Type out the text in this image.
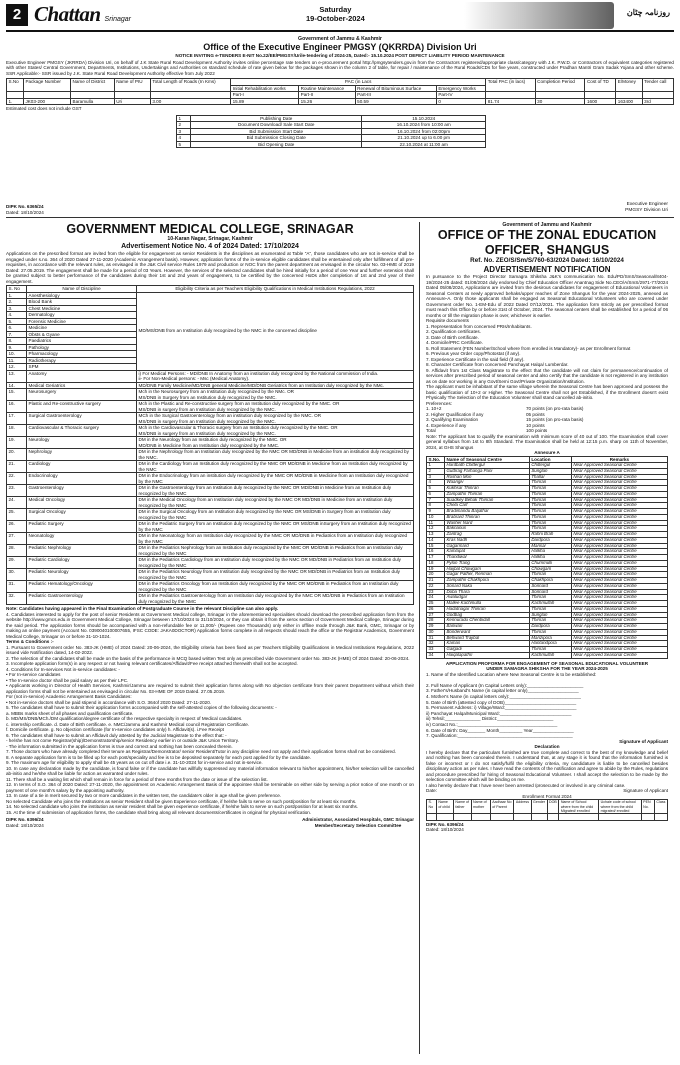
2 Chattan Srinagar
Saturday
19-October-2024
روزنامہ چٹان
Government of Jammu & Kashmir
Office of the Executive Engineer PMGSY (QKRRDA) Division Uri
NOTICE INVITING e-TENDERS E-NIT No.22/EE/PMGSY/Urile-tendering of 2024-25, Dated:- 15.10.2024 POST DEFECT LIABILITY PERIOD MAINTENANCE
Executive Engineer PMGSY (JKRRDA) Division Uri, on behalf of J.K State Rural Road Development Authority invites online percentage rate tenders on e-procurement portal http://pmgsytenders.gov.in from the Contractors registered/appropriate class/category with J.K. P.W.D. or Contractors of equivalent categories registered with other States/ Central Government, Departments, Institutions, Undertakings and Authorities on standard schedule of rate given below for the packages shown in the column 2 of table, for repair / maintenance of the Rural Roads/CDs for five years, constructed under Pradhan Mantri Gram Sadak Yojana and other scheme. SSR Applicable:- SSR issued by J.K. State Rural Road Development Authority effective from July 2022
S.No	Package Number	Name of District	Name of PIU	Total Length of Roads (In Kms)	PAC (in Lacs				Total PAC (in lacs)	Completion Period	Cost of TD	E/Money	Tender call
					Initial Rehabilitation works	Routine Maintenance	Renewal of Bituminous Surface	Emergency Works					
					Part-I	Part-II	Part-III	Part-IV					
1.	JK03-200	Baramulla	Uri	3.00	15.89	15.26	50.59	0	81.74	30	1600	163400	3rd
Estimated cost does not include GST
1	Publishing Date	15.10.2024
2	Document Download/ Sale Start Date	16.10.2024 from 10:00 am
3	Bid Submission Start Date	16.10.2024 from 02:00pm
4	Bid Submission Closing Date	21.10.2024 up to 6.00 pm
5	Bid Opening Date	22.10.2024 at 11:00 am
DIPK No. 6365/24
Dated: 18/10/2024
Executive Engineer
PMGSY Division Uri
GOVERNMENT MEDICAL COLLEGE, SRINAGAR
10-Karan Nagar, Srinagar, Kashmir
Advertisement Notice No. 4 of 2024 Dated: 17/10/2024
Applications on the prescribed format are invited from the eligible for engagement as senior Residents in the disciplines as enumerated at Table "A", those candidates who are not in-service shall be engaged under s.no. 364 of 2020 Dated 27-11-2020 (Academic Arrangement basis). However, application forms of the in-service eligible candidates shall be entertained only after fulfillment of all pre-requisites, in accordance with the relevant rules, as envisaged in the J&K Civil service Rules 1979 and production or NOC from the parent department as envisaged in the circular No. 03-HME of 2019 Dated: 27.05.2019. The engagement shall be made for a period of 03 Years. However, the services of the selected candidates shall be hired initially for a period of one Year and further extension shall be granted subject to better performance of the candidates during their 1st and 2nd years of engagement, to be certified by the concerned HoDs after completion of 1st and 2nd year of their engagement.
S. No	Name of Discipline	Eligibility Criteria as per Teachers Eligibility Qualifications in Medical Institutions Regulations, 2022
1.	Anesthesiology	MD/MS/DNB from an Institution duly recognized by the NMC in the concerned discipline
2.	Blood Bank	
3.	Chest Medicine	
4.	Dermatology	
5.	Forensic Medicine	
6.	Medicine	
7.	Obsts & Gyane	
8.	Paediatrics	
9.	Pathology	
10.	Pharmacology	
11.	Radiotherapy	
12.	SPM	
13.	Anatomy	i) For Medical Persons: - MD/DNB In Anatomy from an institution duly recognized by the National commission of India.
ii- For Non-Medical persons: - Msc (Medical Anatomy).
14.	Medical Geriatrics	MD/DNB Family Medicine/MD/DNB general Medicine/MD/DNB Geriatrics from an Institution duly recognized by the NMc.
15.	Neurosurgery	Mch in the Neurosurgery from an Institution duly recognized by the NMc. OR
MS/DNB in Surgery from an Institution duly recognized by the NMC.
16.	Plastic and Re-constructive surgery	Mch in the Plastic and Re-constructive surgery from an Institution duly recognized by the NMC. OR
MS/DNB in surgery from an Institution duly recognized by the NMC.
17.	Surgical Gastroenterology	MCh in the Surgical Gastroenterology from an institution duly recognized by the NMC. OR
MS/DNB in surgery from an Institution duly recognized by the NMC.
18.	Cardiovascular & Thoracic surgery	Mch in the Cardiovascular & Thoracic surgery from an Institution duly recognized by the NMC. OR
MS/DNB in surgery from an Institution duly recognized by the NMC.
19.	Neurology	DM in the Neurology from an Institution duly recognized by the NMC. OR
MD/DNB in Medicine from an Institution duly recognized by the NMC.
20.	Nephrology	DM in the Nephrology from an Institution duly recognized by the NMC OR MD/DNB in Medicine from an institution duly recognized by the NMC.
21.	Cardiology	DM in the Cardiology from an Institution duly recognized by the NMC OR MD/DNB in Medicine from an Institution duly recognized by the NMC
22.	Endocrinology	DM in the Endocrinology from an institution duly recognized by the NMC OR MD/DNB in Medicine from an Institution duly recognized by the NMC
23.	Gastroenterology	DM in the Gastroenterology from an Institution duly recognized by the NMC OR MD/DNB in Medicine from an Institution duly recognized by the NMC
24.	Medical Oncology	DM in the Medical Oncology from an Institution duly recognized by the NMC OR MD/DNB in Medicine from an Institution duly recognized by the NMC
25.	Surgical Oncology	DM in the Surgical Oncology from an Institution duly recognized by the NMC OR MS/DNB in Surgery from an Institution duly recognized by the NMC
26.	Pediatric Surgery	DM in the Pediatric Surgery from an Institution duly recognized by the NMC OR MS/DNB inSurgery from an Institution duly recognized by the NMC
27.	Neonatology	DM in the Neonatology from an Institution duly recognized by the NMC OR MD/DNB in Pediatrics from an Institution duly recognized by the NMC
28.	Pediatric Nephrology	DM in the Pediatrics Nephrology from an Institution duly recognized by the NMC OR MD/DNB in Pediatrics from an Institution duly recognized by the NMC
29.	Pediatric Cardiology	DM in the Pediatrics Cardiology from an Institution duly recognized by the NMC OR MD/DNB in Pediatrics from an Institution duly recognized by the NMC
30.	Pediatric Neurology	DM in the Pediatrics Neurology from an Institution duly recognized by the NMC OR MD/DNB in Pediatrics from an Institution duly recognized by the NMC
31.	Pediatric Hematology/Oncology	DM in the Pediatrics Oncology from an Institution duly recognized by the NMC OR MD/DNB in Pediatrics from an Institution duly recognized by the NMC
32.	Pediatric Gastroenterology	DM in the Pediatrics Gastroenterology from an Institution duly recognized by the NMC OR MD/DNB in Pediatrics from an Institution duly recognized by the NMC
Note: Candidates having appeared in the Final Examination of Postgraduate Course in the relevant Discipline can also apply.
4. Candidates interested to apply for the post of senior Residents at Government Medical college, Srinagar in the aforementioned specialities should download the prescribed application form from the website http://www.gmcs.edu.in Government Medical College, Srinagar between 17/10/2024 to 31/10/2024, or they can obtain it from the xerox section of Government Medical College, Srinagar during the said period. The application forms should be accompanied with a non-refundable fee or 11,000/- (Rupees one Thousands) only either in offline mode through J&K Bank, GMC, Srinagar or by making an online payment (Account No. 0390040100007655, IFSC CODE: JAKA0DOCTOR) Application forms complete in all respects should reach the office or the Registrar Academics, Government Medical College, Srinagar on or before 31-10-1024.
Terms & Conditions :-
1. Pursuant to Government order No. 383-JK (HME) of 2024 Dated: 20-06-2024, the Eligibility criteria has been fixed as per Teachers Eligibility Qualifications in Medical Institutions Regulations, 2022 issued vide Notification dated, 14-02-2022.
2. The selection of the candidates shall be made on the basis of the performance in MCQ based written Test only as prescribed vide Government order No. 383-JK (HME) Of 2024 Dated: 20-06-2024.
3. Incomplete application form(s) in any respect or not having relevant certificates/Affidavit/Fee receipt attached therewith shall not be accepted.
4. Conditions for In-services Not in-service candidates: -
• For In-service candidates
• The In-service doctor shall be paid salary as per their LPC.
• Applicants working in Director of Health Services, Kashmir/Jammu are required to submit their application forms along with No objection certificate from their parent Department without which their application forms shall not be entertained as envisaged in circular No. 03-HME OF 2019 Dated. 27.05.2019.
For (not in-service) Academic Arrangement Basis Candidates:
• Not in-service doctors shall be paid stipend in accordance with S.O. 364of 2020 Dated: 27-11-2020.
5. The candidates shall have to submit their application forms accompanied with the self-attested copies of the following documents: -
a. MBBs marks sheet of all phases and qualification certificate.
b. MD/MS/DNB/MCh./DM qualification/degree certificate of the respective specialty in respect of Medical candidates.
c. internship certificate. d. Date of Birth certificate. e. NMC/Jammu and Kashmir Medical council Registration Certificate.
f. Domicile certificate. g. No objection certificate (for In-service candidates only) h. Affidavit(s). i.Fee Receipt
6. The candidates shall have to submit an Affidavit duly attested by the Judicial Magistrate to the effect that: -
- he/she has not come Registrar(ship)/Demonstratorship/senior Residency earlier in or outside J&K Union Territory.
- The information submitted in the application forms is true and correct and nothing has been concealed therein.
7. Those doctors who have already completed their tenure as Registrar/Demonstrator/ senior Resident/Tutor in any discipline need not apply and their application forms shall not be considered.
8. A separate application form is to be filled up for each post/speciality and fee is to be deposited separately for each post applied for by the candidate.
9. The maximum age for eligibility to apply shall be 45 years as on cut off date i.e. 31-10-2024 for in-service and not in-service.
10. In case any declaration made by the candidate, is found false or if the candidate has willfully suppressed any material information relevant to his/her appointment, his/her selection will be cancelled ab-initio and he/she shall be liable for action as warranted under rules.
11. There shall be a waiting list which shall remain in force for a period of three months from the date or issue of the selection list.
12. In terms of S.O. 364 of 2020 Dated: 27-11-2020, the appointment on Academic Arrangement Basis of the appointee shall be terminable on either side by serving a prior notice of one month or on payment of one month's salary by the appointing authority.
13. In case of a tie in merit secured by two or more candidates in the written test, the candidate's older in age shall be given preference.
No selected Candidate who joins the Institutions as senior Resident shall be given Experience certificate, if he/she fails to serve on such post/position for at least six months.
14. No selected candidate who joins the institution as senior resident shall be given experience certificate, if he/she fails to serve on such post/position for at least six months.
15. At the time of submission of application forms, the candidate shall bring along all relevant documents/certificates in original for physical verification.
DIPK No. 6396/24
Dated: 18/10/2024
Administrator, Associated Hospitals, GMC Srinagar
Member/Secretary Selection Committee
Government of Jammu and Kashmir
OFFICE OF THE ZONAL EDUCATION OFFICER, SHANGUS
Ref. No. ZEO/S/Sm/S/760-63/2024 Dated: 16/10/2024
ADVERTISEMENT NOTIFICATION
In pursuance to the Project Director Samagra Shiksha J&K's communication No. Edu/PD/SmS/Seasonal/8404-19/2024-25 dated: 01/08/2024 duly endorsed by Chief Education Officer Anantnag Side No.CEO/A/SmS/2971-77/2024 Dated 05/08/2024, Applications are invited from the desirous candidates for engagement of Educational Volunteers in Seasonal Centers at newly approved behaks/upper reaches of Zone Shangus for the year 2024-2025, annexed as Annexure-A. Only those applicants shall be engaged as Seasonal Educational Volunteers who are covered under Government order No. 1-EM-Edu of 2022 Dated 07/12/2021. The application form strictly as per prescribed format must reach this Office by or before 31st of October, 2024. The seasonal centers shall be established for a period of 06 months or till the migration phase is over, whichever is earlier.
Requisite documents
1. Representation from concerned PRIs/Inhabitants.
2. Qualification certificates.
3. Date of Birth certificate.
4. Domicile/PRC Certificate.
5. Roll Statement (FEN Number/School where from enrolled is Mandatory)- as per Enrollment format
6. Previous year Order copy/Photostat (if any).
7. Experience Certificate in the said field (if any).
8. Character Certificate from concerned Panchayat Halqa/ Lumberdar.
9. Affidavit from 1st Class Magistrate to the effect that the candidate will not claim for permanence/continuation of services after prescribed period of seasonal center and also certify that the candidate is not registered in any institution as on date nor working in any Govt/Semi Govt/Private Organization/Institution.
The applicant must be inhabitant of the same village wherein the Seasonal Centre has been approved and possess the basic qualification of 10+2 or Higher. The Seasonal Centre shall not get Established, if the Enrollment doesn't exist Physically The Selection of the Education Volunteer shall stand cancelled ab-initio.
Preferences:
1. 10+2	70 points (on pro-rata basis)
2. Higher Qualification if any	05 points
3. Qualifying Examination	15 points (on pro-rata basis)
4. Experience if any	10 points
Total	100 points
Note: The applicant has to qualify the examination with minimum score of 40 out of 100. The Examination shall cover general syllabus from 1st to 8th Standard. The Examination shall be held at 12:15 p.m. sharp on 11th of November, 2024, at GHS Shangus
Annexure A
S.No.	Name of Seasonal Centre	Location	Remarks
1	Hardbath Chittergul	Chittergul	Near Approved Seasonal Centre
2	Gutbrag Farhanga Pani	Sunglan	Near Approved Seasonal Centre
3	Roshan Mon	Thallar	Near Approved Seasonal Centre
4	Waangiv	Thinran	Near Approved Seasonal Centre
5	Kukhsar Thinran	Thinran	Near Approved Seasonal Centre
6	Zampathri Thinran	Thinran	Near Approved Seasonal Centre
7	Suadkey Behak Thinran	Thinran	Near Approved Seasonal Centre
8	Chela Carf	Thinran	Near Approved Seasonal Centre
9	Bradimandu Baljathar	Thinran	Near Approved Seasonal Centre
10	Brabrard Thinran	Thinran	Near Approved Seasonal Centre
11	Washer Nard	Thinran	Near Approved Seasonal Centre
12	Baknanus	Thinran	Near Approved Seasonal Centre
13	Zantrag	Rahni Brah	Near Approved Seasonal Centre
14	Kras Nadh	Dardpora	Near Approved Seasonal Centre
15	Gagarmard	Mansar	Near Approved Seasonal Centre
16	Kamlapat	Halkha	Near Approved Seasonal Centre
17	Thandiwal	Halkha	Near Approved Seasonal Centre
18	Pylon Trang	Chummulli	Near Approved Seasonal Centre
19	Haijbal Chowgam	Chowgam	Near Approved Seasonal Centre
20	Gagar Pather, Renman	Thinran	Near Approved Seasonal Centre
21	Zampathri Chakhpora	Chakhpora	Near Approved Seasonal Centre
22	Sonard Naka	Sonnard	Near Approved Seasonal Centre
23	Doba Thara	Sonnard	Near Approved Seasonal Centre
24	Awaludgar	Thinran	Near Approved Seasonal Centre
25	Mallee Kachmulla	Kachmullah	Near Approved Seasonal Centre
26	Hadatnagar Thinran	Thinran	Near Approved Seasonal Centre
27	Godbag	Sunglan	Near Approved Seasonal Centre
28	Kennuradu Chenbidall	Thinran	Near Approved Seasonal Centre
29	Banwari	Dardpora	Near Approved Seasonal Centre
30	Bonderward	Thinran	Near Approved Seasonal Centre
31	Behward Trajibal	Manzipora	Near Approved Seasonal Centre
32	Kamas	Hantandpora	Near Approved Seasonal Centre
33	Galgadi	Thinran	Near Approved Seasonal Centre
34	Haiqalapathri	Kachmullah	Near Approved Seasonal Centre
APPLICATION PROFORMA FOR ENGAGEMENT OF SEASONAL EDUCATIONAL VOLUNTEER
UNDER SAMAGRA SHIKSHA FOR THE YEAR 2024-2025
1. Name of the Identified Location where New Seasonal Centre is to be established:
2. Full Name of Applicant (In Capital Letters only):______________________
3. Father's/Husband's Name (in capital letter only)____________________
4. Mother's Name (in capital letters only):____________________________
5. Date of Birth (attested copy of DOB)____________________________
5. Permanent Address: i) Village/Ward:____________________________
ii) Panchayat Halqa/Municipal Ward:____________________________
iii) Tehsil:______________ District:______________________
iv) Contact No.:_______________________________________
6. Date of Birth: Day_______ Month_________ Year________________
7. Qualification:_____________________________________________
Signature of Applicant
Declaration
I hereby declare that the particulars furnished are true complete and correct to the best of my knowledge and belief and nothing has been concealed therein. I understand that, at any stage it is found that the information furnished is false or incorrect or I do not satisfy/fulfil the eligibility criteria, my candidature is liable to be cancelled besides disciplinary action as per rules. I have read the contents of the notification and agree to abide by the Rules, regulations and procedure prescribed for hiring of Seasonal Educational Volunteer. I shall accept the selection to be made by the selection committee which will be binding on me.
I also hereby declare that I have never been arrested /prosecuted or involved in any criminal case.
Date:	Signature of Applicant
Enrollment Format 2024
S. No	Name of child	Name of father	Name of mother	Aadhaar No of Parent	Address	Gender	DOB	Name of School where from the child Migrated/ enrolled	Uchaie code of school where from the child migrated/ enrolled	PEN No.	Class

DIPK No. 6396/24
Dated: 18/10/2024
